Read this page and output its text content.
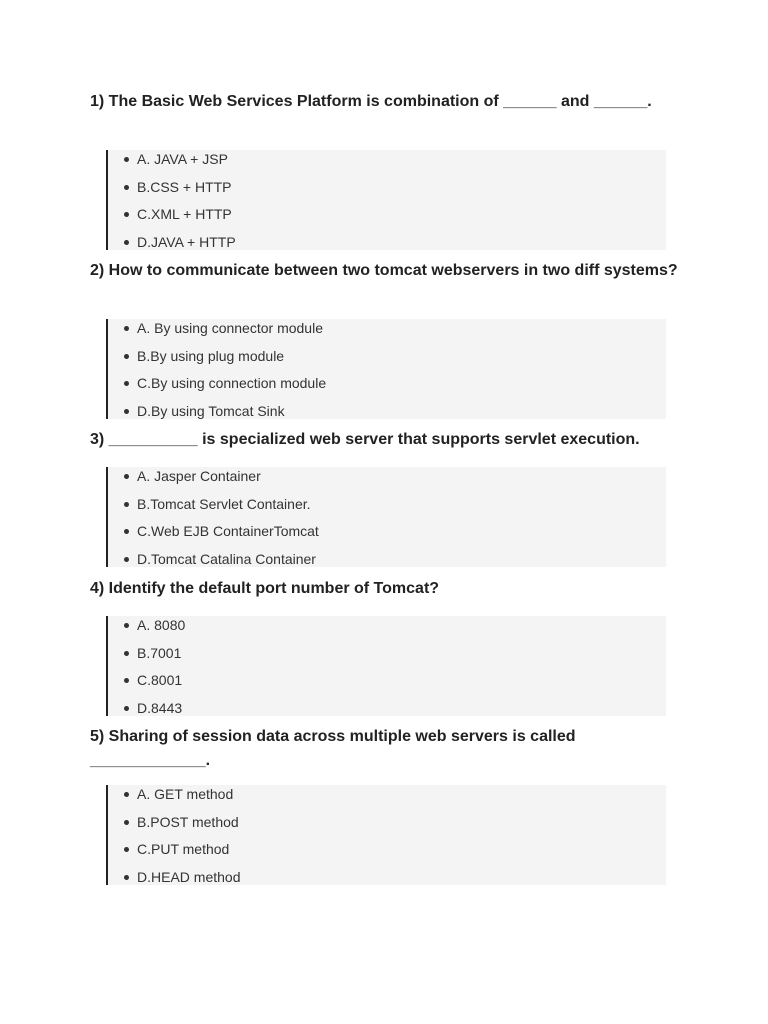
1) The Basic Web Services Platform is combination of ______ and ______.

A. JAVA + JSP
B.CSS + HTTP
C.XML + HTTP
D.JAVA + HTTP

2) How to communicate between two tomcat webservers in two diff systems?

A. By using connector module
B.By using plug module
C.By using connection module
D.By using Tomcat Sink

3) __________ is specialized web server that supports servlet execution.

A. Jasper Container
B.Tomcat Servlet Container.
C.Web EJB ContainerTomcat
D.Tomcat Catalina Container

4) Identify the default port number of Tomcat?

A. 8080
B.7001
C.8001
D.8443

5) Sharing of session data across multiple web servers is called _____________.

A. GET method
B.POST method
C.PUT method
D.HEAD method
